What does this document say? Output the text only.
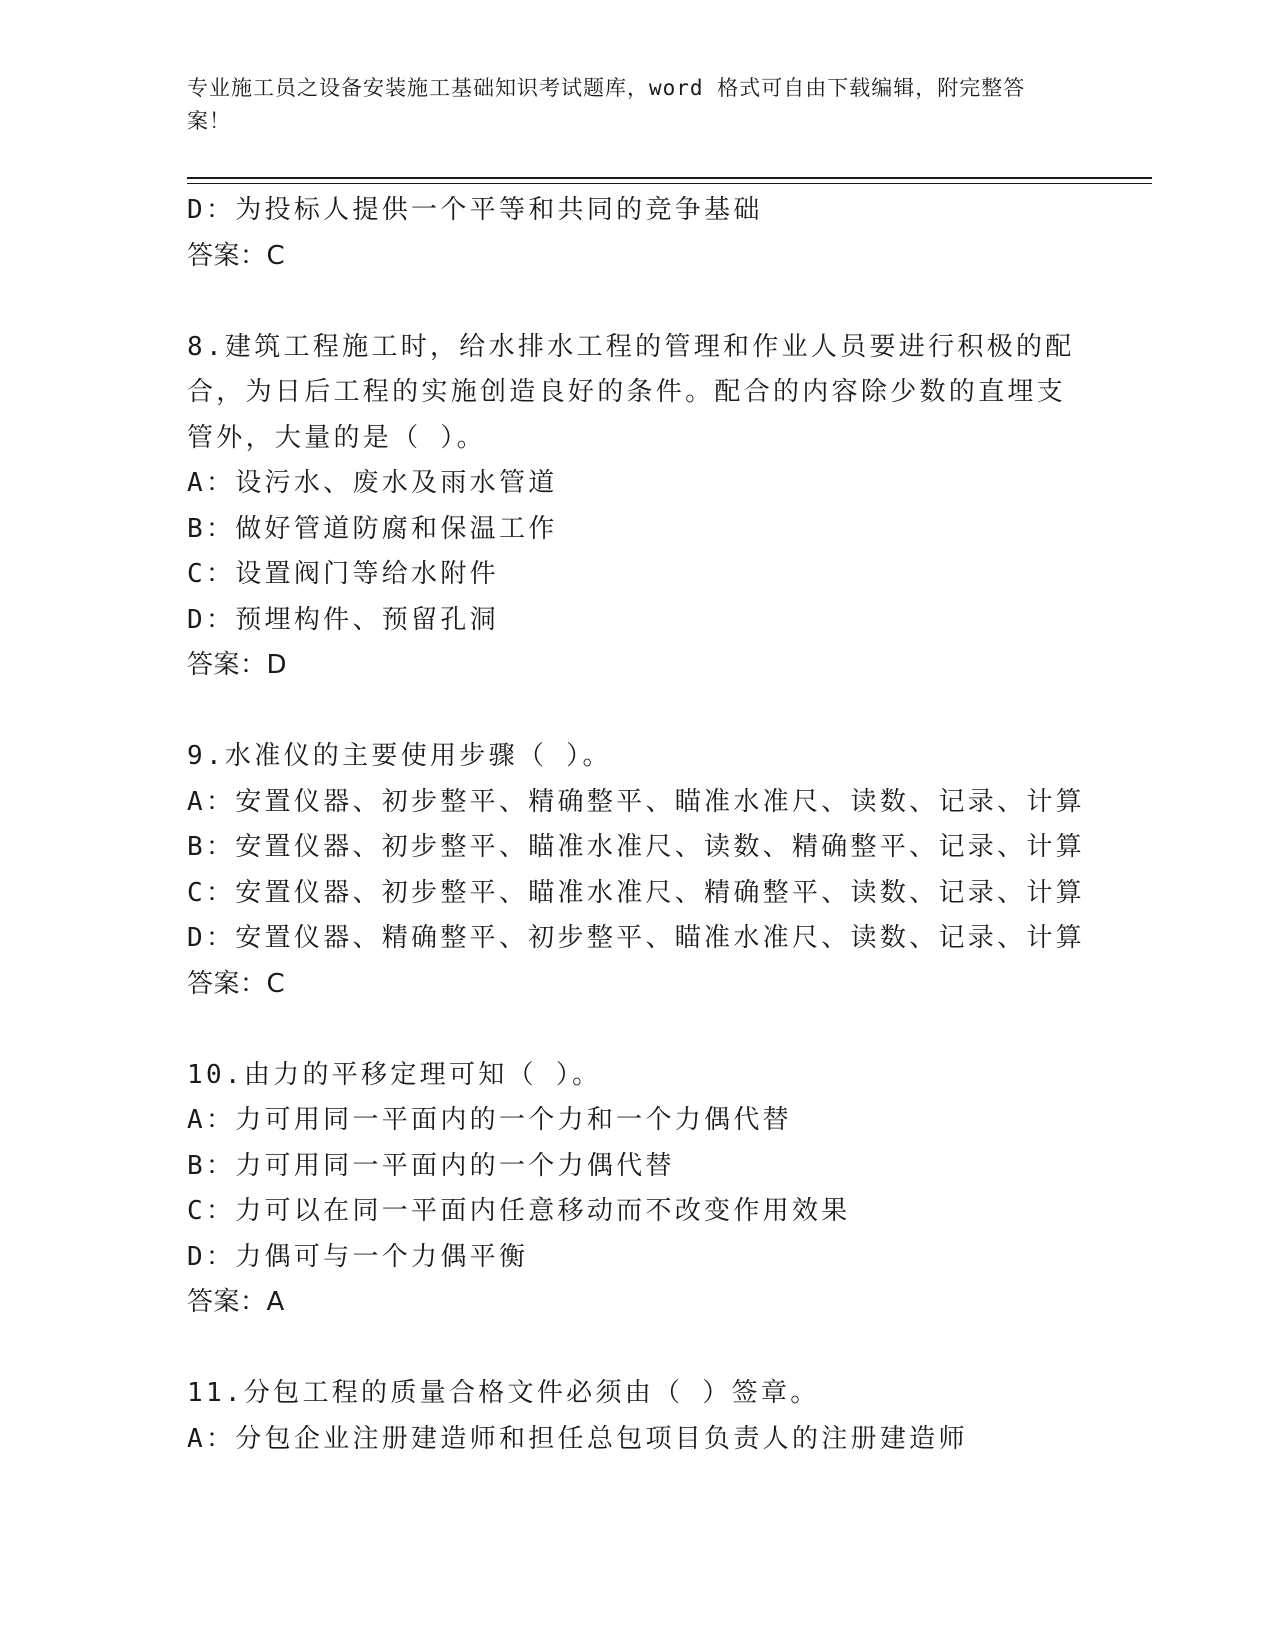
专业施工员之设备安装施工基础知识考试题库，word 格式可自由下载编辑，附完整答案！
D：为投标人提供一个平等和共同的竞争基础
答案：C
8.建筑工程施工时，给水排水工程的管理和作业人员要进行积极的配
合，为日后工程的实施创造良好的条件。配合的内容除少数的直埋支
管外，大量的是（ ）。
A：设污水、废水及雨水管道
B：做好管道防腐和保温工作
C：设置阀门等给水附件
D：预埋构件、预留孔洞
答案：D
9.水准仪的主要使用步骤（ ）。
A：安置仪器、初步整平、精确整平、瞄准水准尺、读数、记录、计算
B：安置仪器、初步整平、瞄准水准尺、读数、精确整平、记录、计算
C：安置仪器、初步整平、瞄准水准尺、精确整平、读数、记录、计算
D：安置仪器、精确整平、初步整平、瞄准水准尺、读数、记录、计算
答案：C
10.由力的平移定理可知（ ）。
A：力可用同一平面内的一个力和一个力偶代替
B：力可用同一平面内的一个力偶代替
C：力可以在同一平面内任意移动而不改变作用效果
D：力偶可与一个力偶平衡
答案：A
11.分包工程的质量合格文件必须由（ ）签章。
A：分包企业注册建造师和担任总包项目负责人的注册建造师
